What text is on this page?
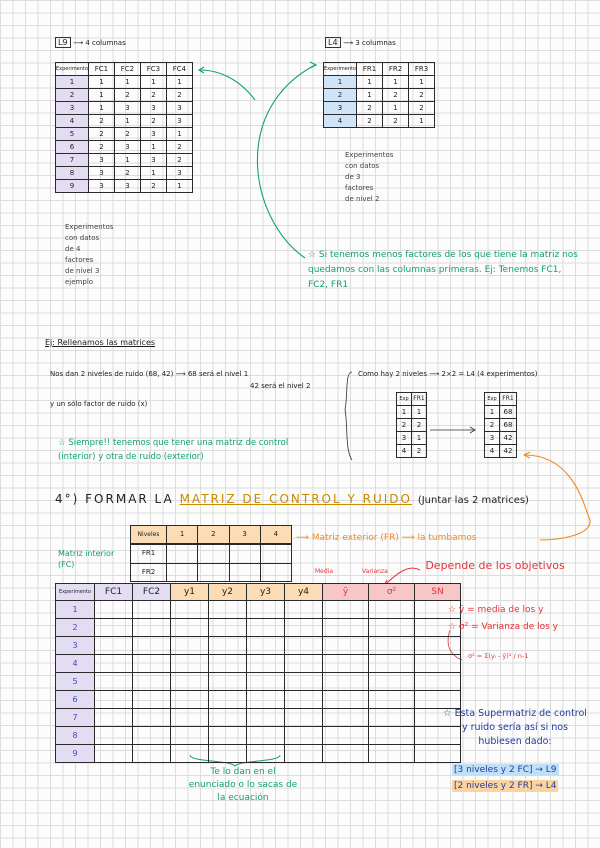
L9 ⟶ 4 columnas
Experimento	FC1	FC2	FC3	FC4
1	1	1	1	1
2	1	2	2	2
3	1	3	3	3
4	2	1	2	3
5	2	2	3	1
6	2	3	1	2
7	3	1	3	2
8	3	2	1	3
9	3	3	2	1
Experimentos
con datos
de 4
factores
de nivel 3
ejemplo
L4 ⟶ 3 columnas
Experimento	FR1	FR2	FR3
1	1	1	1
2	1	2	2
3	2	1	2
4	2	2	1
Experimentos
con datos
de 3
factores
de nivel 2
☆ Si tenemos menos factores de los que tiene la matriz nos quedamos con las columnas primeras. Ej: Tenemos FC1, FC2, FR1
Ej: Rellenamos las matrices
Nos dan 2 niveles de ruido (68, 42) ⟶ 68 será el nivel 1
42 será el nivel 2
y un sólo factor de ruido (x)
Como hay 2 niveles ⟶ 2×2 = L4 (4 experimentos)
Exp	FR1
1	1
2	2
3	1
4	2
Exp	FR1
1	68
2	68
3	42
4	42
☆ Siempre!! tenemos que tener una matriz de control (interior) y otra de ruido (exterior)
4°) FORMAR LA MATRIZ DE CONTROL Y RUIDO (Juntar las 2 matrices)
Niveles	1	2	3	4
FR1				
FR2				
⟶ Matriz exterior (FR) ⟶ la tumbamos
Matriz interior (FC)
Experimento	FC1	FC2	y1	y2	y3	y4	ȳ	σ²	SN
1									
2									
3									
4									
5									
6									
7									
8									
9									
Media	Varianza	Depende de los objetivos
☆ ȳ = media de los y
☆ σ² = Varianza de los y
σ² = Σ(yᵢ - ȳ)² / n-1
☆ Esta Supermatriz de control y ruido sería así si nos hubiesen dado:
[3 niveles y 2 FC] → L9
[2 niveles y 2 FR] → L4
Te lo dan en el enunciado o lo sacas de la ecuación
